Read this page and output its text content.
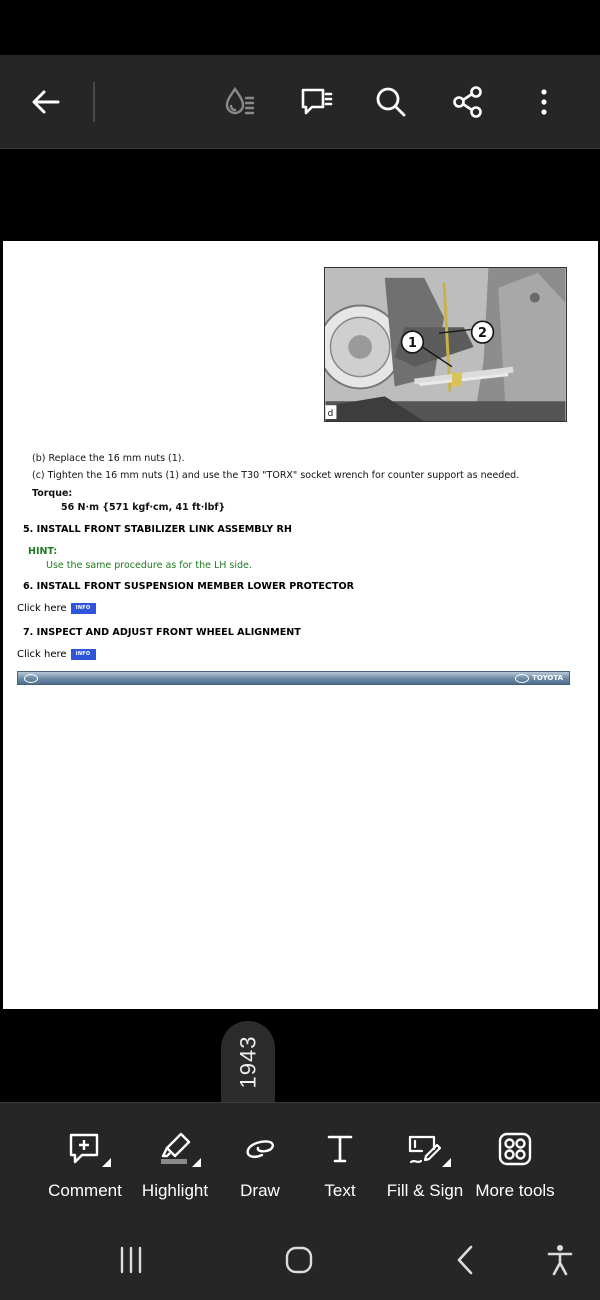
1
2
d
(b) Replace the 16 mm nuts (1).
(c) Tighten the 16 mm nuts (1) and use the T30 "TORX" socket wrench for counter support as needed.
Torque:
56 N·m {571 kgf·cm, 41 ft·lbf}
5. INSTALL FRONT STABILIZER LINK ASSEMBLY RH
HINT:
Use the same procedure as for the LH side.
6. INSTALL FRONT SUSPENSION MEMBER LOWER PROTECTOR
Click here	INFO
7. INSPECT AND ADJUST FRONT WHEEL ALIGNMENT
Click here	INFO
TOYOTA
1943
Comment Highlight Draw	Text Fill & Sign More tools
